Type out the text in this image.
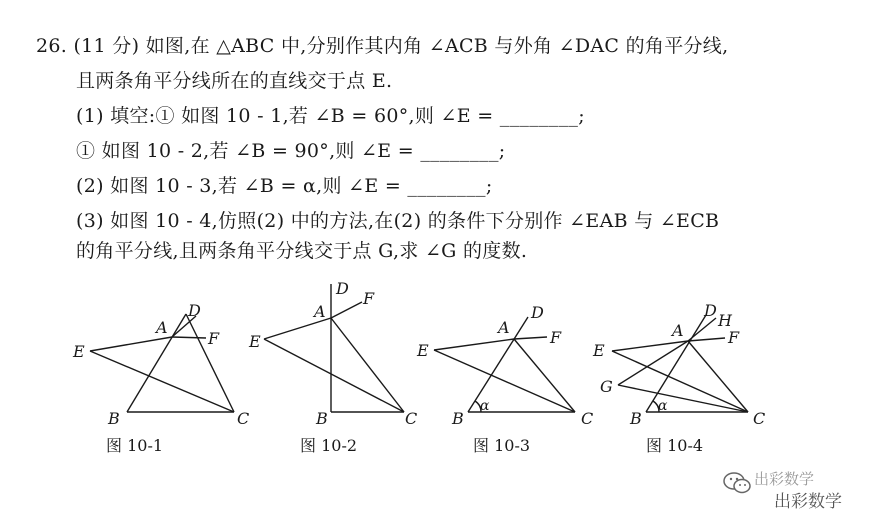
26. (11 分) 如图,在 △ABC 中,分别作其内角 ∠ACB 与外角 ∠DAC 的角平分线,
且两条角平分线所在的直线交于点 E.
(1) 填空:① 如图 10 - 1,若 ∠B = 60°,则 ∠E = ________;
① 如图 10 - 2,若 ∠B = 90°,则 ∠E = ________;
(2) 如图 10 - 3,若 ∠B = α,则 ∠E = ________;
(3) 如图 10 - 4,仿照(2) 中的方法,在(2) 的条件下分别作 ∠EAB 与 ∠ECB
的角平分线,且两条角平分线交于点 G,求 ∠G 的度数.
E
A
D
F
B	C
图 10-1
E
A
D
F
B	C
图 10-2
E
A
D
F
B	C
α
图 10-3
E
A
D
H
F
G
B	C
α
图 10-4
出彩数学
出彩数学
